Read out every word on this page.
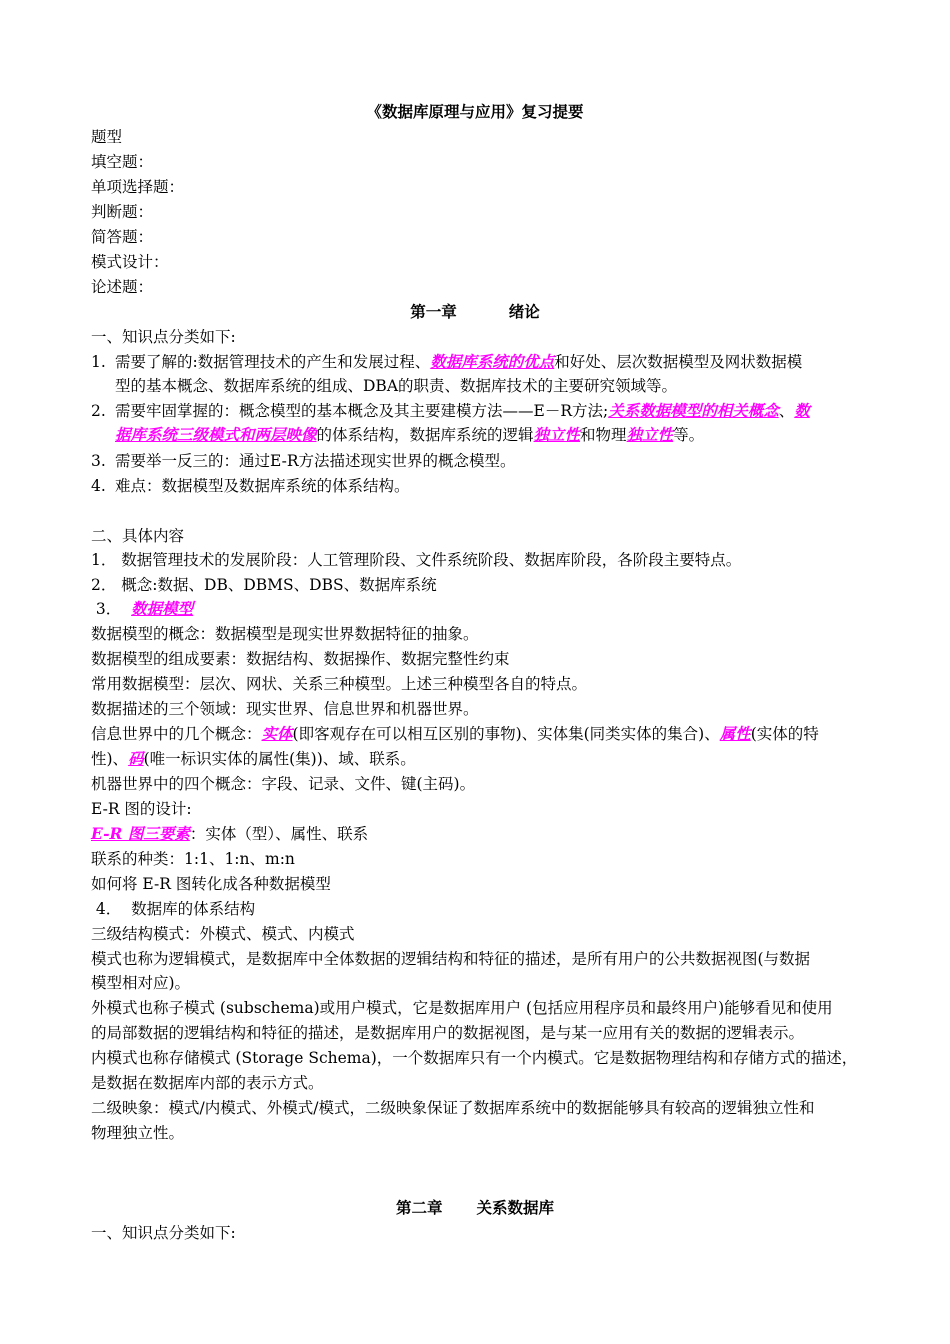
《数据库原理与应用》复习提要
题型
填空题：
单项选择题：
判断题：
简答题：
模式设计：
论述题：
第一章	绪论
一、知识点分类如下:
1. 需要了解的:数据管理技术的产生和发展过程、数据库系统的优点和好处、层次数据模型及网状数据模
型的基本概念、数据库系统的组成、DBA的职责、数据库技术的主要研究领域等。
2. 需要牢固掌握的：概念模型的基本概念及其主要建模方法——E－R方法;关系数据模型的相关概念、数
据库系统三级模式和两层映像的体系结构，数据库系统的逻辑独立性和物理独立性等。
3. 需要举一反三的：通过E-R方法描述现实世界的概念模型。
4. 难点：数据模型及数据库系统的体系结构。
二、具体内容
1． 数据管理技术的发展阶段：人工管理阶段、文件系统阶段、数据库阶段，各阶段主要特点。
2． 概念:数据、DB、DBMS、DBS、数据库系统
3．  数据模型
数据模型的概念：数据模型是现实世界数据特征的抽象。
数据模型的组成要素：数据结构、数据操作、数据完整性约束
常用数据模型：层次、网状、关系三种模型。上述三种模型各自的特点。
数据描述的三个领域：现实世界、信息世界和机器世界。
信息世界中的几个概念：实体(即客观存在可以相互区别的事物)、实体集(同类实体的集合)、属性(实体的特
性)、码(唯一标识实体的属性(集))、域、联系。
机器世界中的四个概念：字段、记录、文件、键(主码)。
E-R 图的设计:
E-R 图三要素：实体（型）、属性、联系
联系的种类：1:1、1:n、m:n
如何将 E-R 图转化成各种数据模型
4．  数据库的体系结构
三级结构模式：外模式、模式、内模式
模式也称为逻辑模式，是数据库中全体数据的逻辑结构和特征的描述，是所有用户的公共数据视图(与数据
模型相对应)。
外模式也称子模式 (subschema)或用户模式，它是数据库用户 (包括应用程序员和最终用户)能够看见和使用
的局部数据的逻辑结构和特征的描述，是数据库用户的数据视图，是与某一应用有关的数据的逻辑表示。
内模式也称存储模式 (Storage Schema)，一个数据库只有一个内模式。它是数据物理结构和存储方式的描述，
是数据在数据库内部的表示方式。
二级映象：模式/内模式、外模式/模式，二级映象保证了数据库系统中的数据能够具有较高的逻辑独立性和
物理独立性。
第二章 关系数据库
一、知识点分类如下:
